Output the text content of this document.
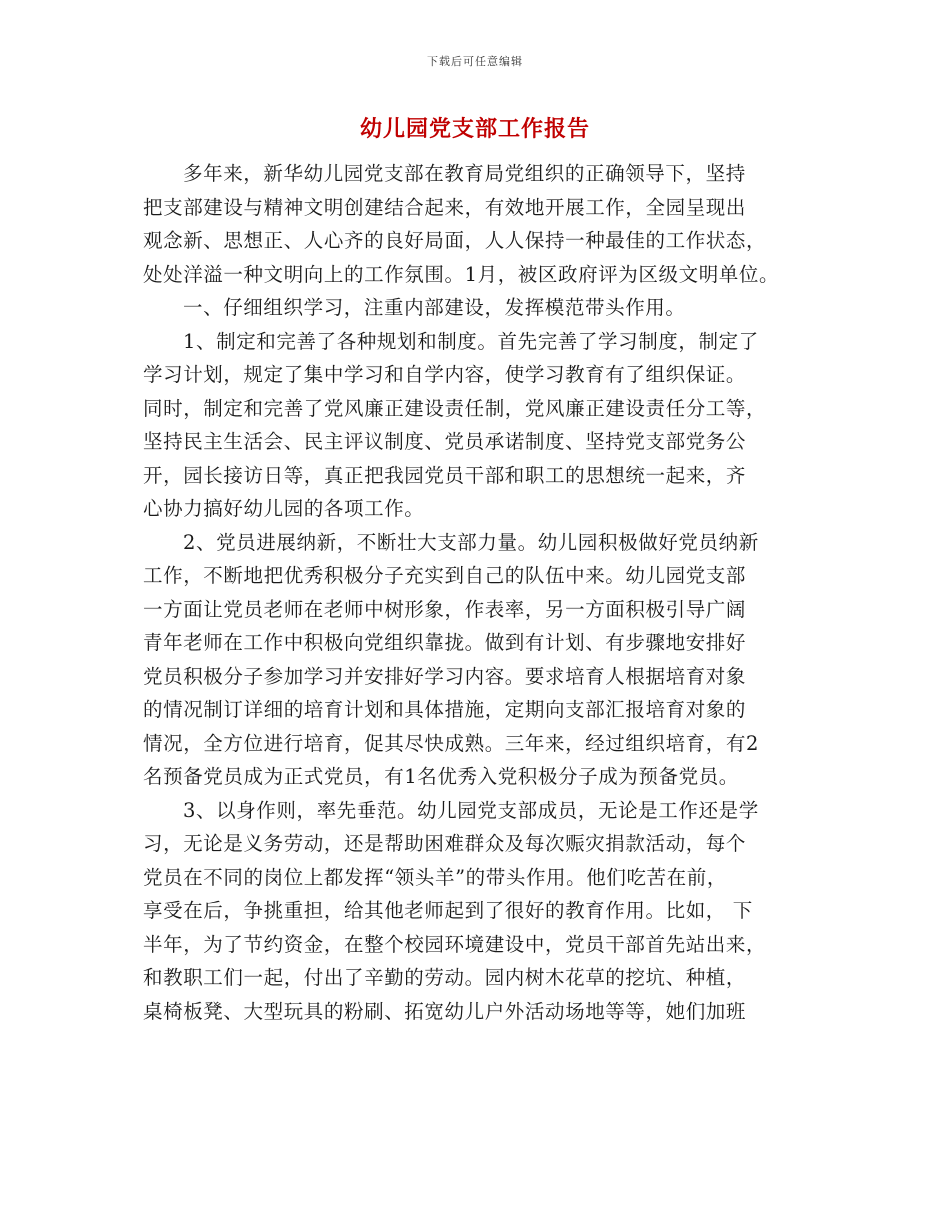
下载后可任意编辑
幼儿园党支部工作报告
多年来，新华幼儿园党支部在教育局党组织的正确领导下，坚持
把支部建设与精神文明创建结合起来，有效地开展工作，全园呈现出
观念新、思想正、人心齐的良好局面，人人保持一种最佳的工作状态，
处处洋溢一种文明向上的工作氛围。1月，被区政府评为区级文明单位。
一、仔细组织学习，注重内部建设，发挥模范带头作用。
1、制定和完善了各种规划和制度。首先完善了学习制度，制定了
学习计划，规定了集中学习和自学内容，使学习教育有了组织保证。
同时，制定和完善了党风廉正建设责任制，党风廉正建设责任分工等，
坚持民主生活会、民主评议制度、党员承诺制度、坚持党支部党务公
开，园长接访日等，真正把我园党员干部和职工的思想统一起来，齐
心协力搞好幼儿园的各项工作。
2、党员进展纳新，不断壮大支部力量。幼儿园积极做好党员纳新
工作，不断地把优秀积极分子充实到自己的队伍中来。幼儿园党支部
一方面让党员老师在老师中树形象，作表率，另一方面积极引导广阔
青年老师在工作中积极向党组织靠拢。做到有计划、有步骤地安排好
党员积极分子参加学习并安排好学习内容。要求培育人根据培育对象
的情况制订详细的培育计划和具体措施，定期向支部汇报培育对象的
情况，全方位进行培育，促其尽快成熟。三年来，经过组织培育，有2
名预备党员成为正式党员，有1名优秀入党积极分子成为预备党员。
3、以身作则，率先垂范。幼儿园党支部成员，无论是工作还是学
习，无论是义务劳动，还是帮助困难群众及每次赈灾捐款活动，每个
党员在不同的岗位上都发挥“领头羊”的带头作用。他们吃苦在前，
享受在后，争挑重担，给其他老师起到了很好的教育作用。比如， 下
半年，为了节约资金，在整个校园环境建设中，党员干部首先站出来，
和教职工们一起，付出了辛勤的劳动。园内树木花草的挖坑、种植，
桌椅板凳、大型玩具的粉刷、拓宽幼儿户外活动场地等等，她们加班
